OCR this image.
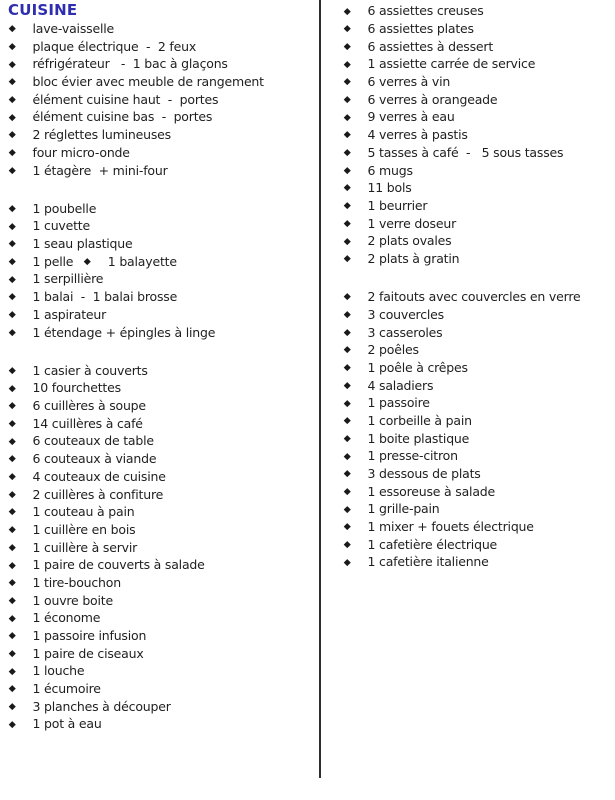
CUISINE
lave-vaisselle
plaque électrique  -  2 feux
réfrigérateur   -  1 bac à glaçons
bloc évier avec meuble de rangement
élément cuisine haut  -  portes
élément cuisine bas  -  portes
2 réglettes lumineuses
four micro-onde
1 étagère  + mini-four
1 poubelle
1 cuvette
1 seau plastique
1 pelle	1 balayette
1 serpillière
1 balai  -  1 balai brosse
1 aspirateur
1 étendage + épingles à linge
1 casier à couverts
10 fourchettes
6 cuillères à soupe
14 cuillères à café
6 couteaux de table
6 couteaux à viande
4 couteaux de cuisine
2 cuillères à confiture
1 couteau à pain
1 cuillère en bois
1 cuillère à servir
1 paire de couverts à salade
1 tire-bouchon
1 ouvre boite
1 économe
1 passoire infusion
1 paire de ciseaux
1 louche
1 écumoire
3 planches à découper
1 pot à eau
6 assiettes creuses
6 assiettes plates
6 assiettes à dessert
1 assiette carrée de service
6 verres à vin
6 verres à orangeade
9 verres à eau
4 verres à pastis
5 tasses à café  -   5 sous tasses
6 mugs
11 bols
1 beurrier
1 verre doseur
2 plats ovales
2 plats à gratin
2 faitouts avec couvercles en verre
3 couvercles
3 casseroles
2 poêles
1 poêle à crêpes
4 saladiers
1 passoire
1 corbeille à pain
1 boite plastique
1 presse-citron
3 dessous de plats
1 essoreuse à salade
1 grille-pain
1 mixer + fouets électrique
1 cafetière électrique
1 cafetière italienne
